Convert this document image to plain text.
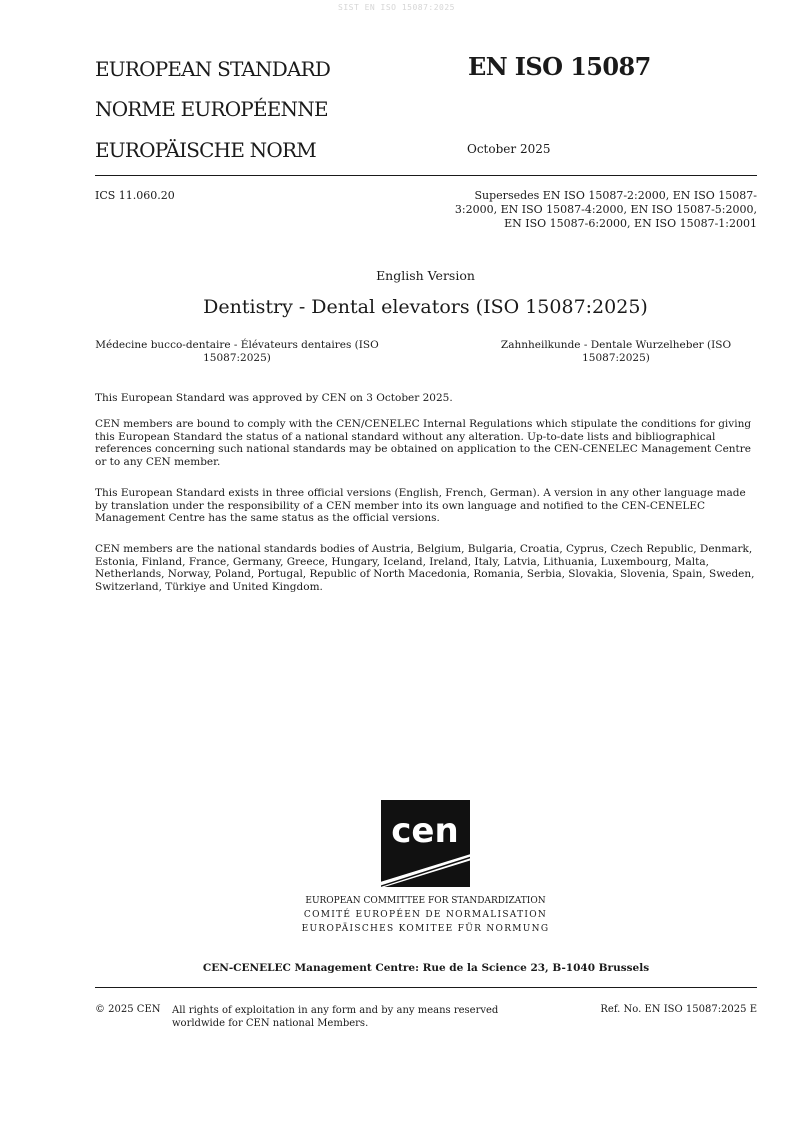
SIST EN ISO 15087:2025
EUROPEAN STANDARD
NORME EUROPÉENNE
EUROPÄISCHE NORM
EN ISO 15087
October 2025
ICS 11.060.20	Supersedes EN ISO 15087-2:2000, EN ISO 15087-3:2000, EN ISO 15087-4:2000, EN ISO 15087-5:2000, EN ISO 15087-6:2000, EN ISO 15087-1:2001
English Version
Dentistry - Dental elevators (ISO 15087:2025)
Médecine bucco-dentaire - Élévateurs dentaires (ISO 15087:2025)
Zahnheilkunde - Dentale Wurzelheber (ISO 15087:2025)
This European Standard was approved by CEN on 3 October 2025.
CEN members are bound to comply with the CEN/CENELEC Internal Regulations which stipulate the conditions for giving this European Standard the status of a national standard without any alteration. Up-to-date lists and bibliographical references concerning such national standards may be obtained on application to the CEN-CENELEC Management Centre or to any CEN member.
This European Standard exists in three official versions (English, French, German). A version in any other language made by translation under the responsibility of a CEN member into its own language and notified to the CEN-CENELEC Management Centre has the same status as the official versions.
CEN members are the national standards bodies of Austria, Belgium, Bulgaria, Croatia, Cyprus, Czech Republic, Denmark, Estonia, Finland, France, Germany, Greece, Hungary, Iceland, Ireland, Italy, Latvia, Lithuania, Luxembourg, Malta, Netherlands, Norway, Poland, Portugal, Republic of North Macedonia, Romania, Serbia, Slovakia, Slovenia, Spain, Sweden, Switzerland, Türkiye and United Kingdom.
cen
EUROPEAN COMMITTEE FOR STANDARDIZATION
COMITÉ EUROPÉEN DE NORMALISATION
EUROPÄISCHES KOMITEE FÜR NORMUNG
CEN-CENELEC Management Centre: Rue de la Science 23, B-1040 Brussels
© 2025 CEN All rights of exploitation in any form and by any means reserved worldwide for CEN national Members.
Ref. No. EN ISO 15087:2025 E
